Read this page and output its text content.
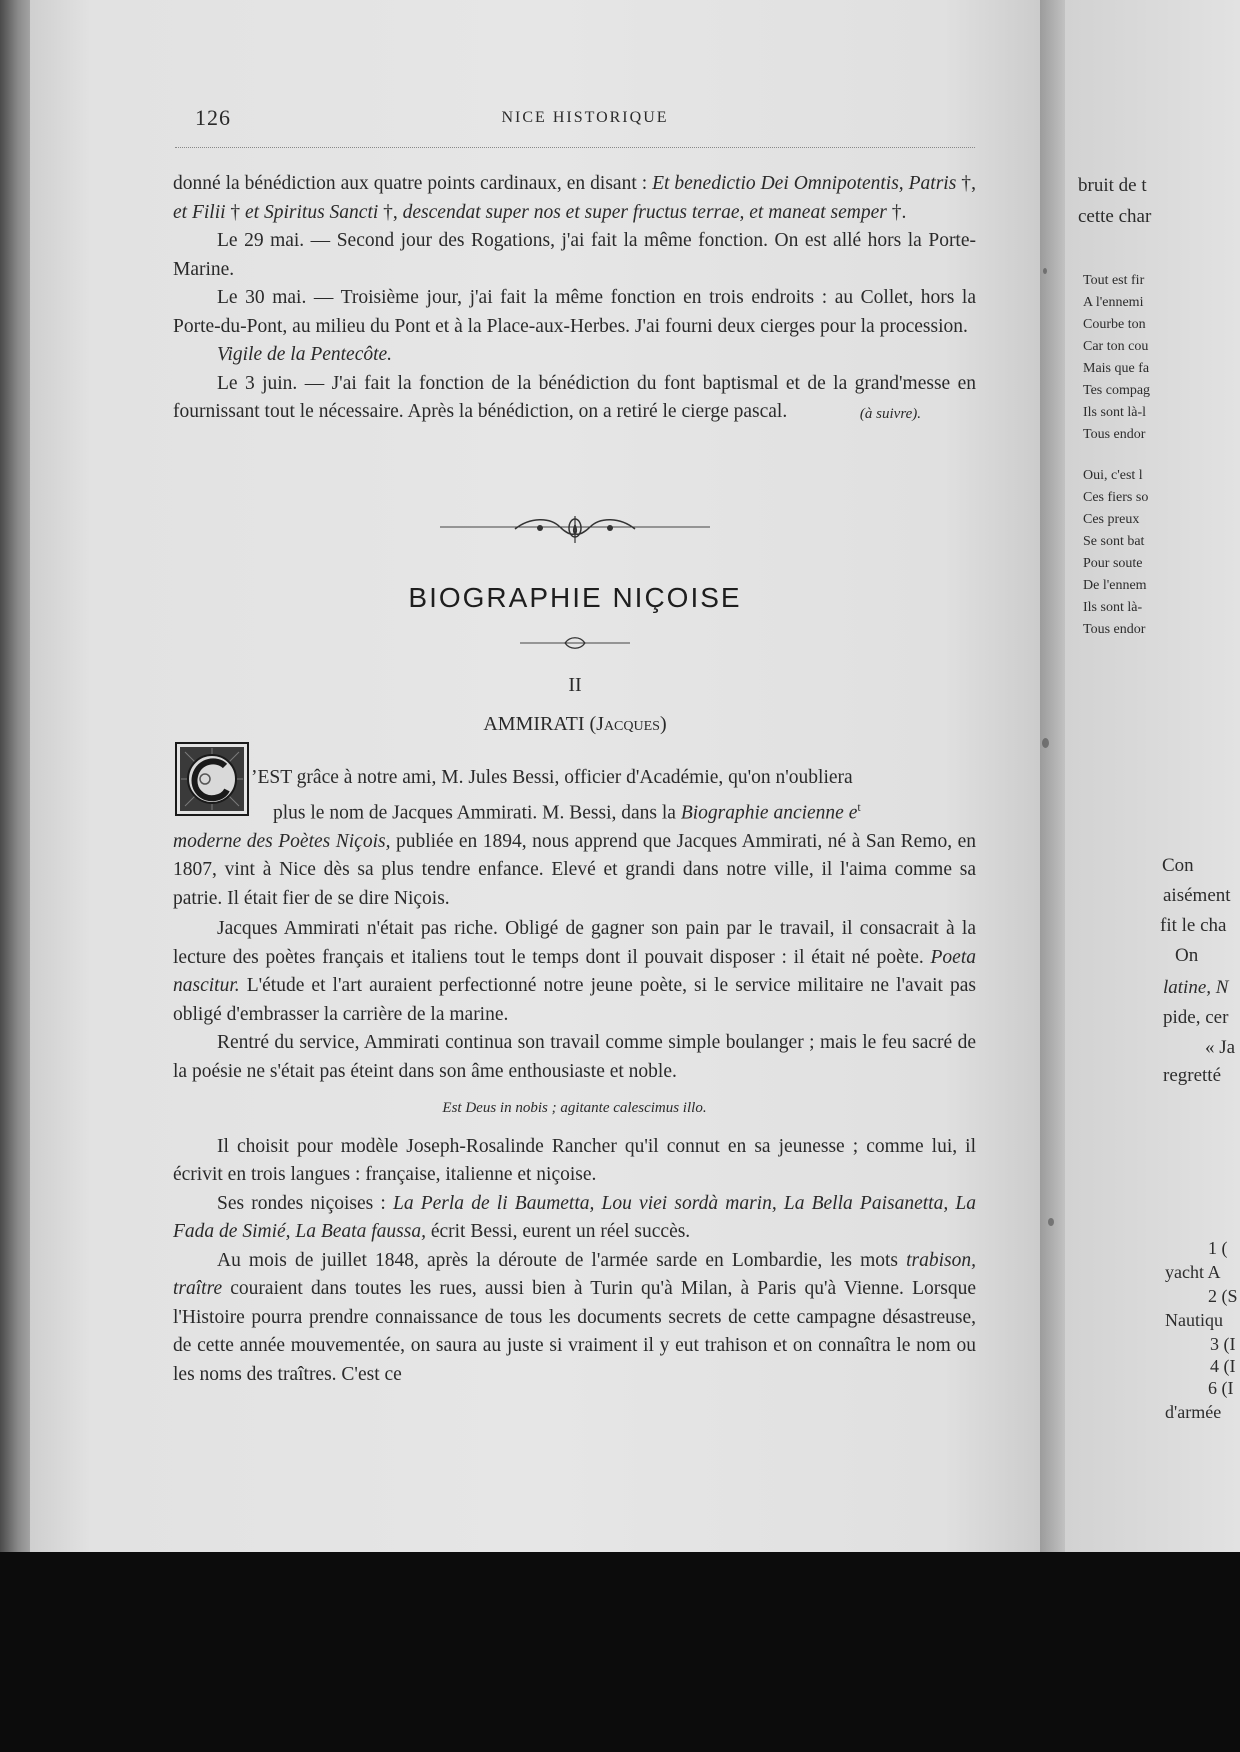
126	NICE HISTORIQUE

donné la bénédiction aux quatre points cardinaux, en disant : Et benedictio Dei Omnipotentis, Patris †, et Filii † et Spiritus Sancti †, descendat super nos et super fructus terrae, et maneat semper †.

Le 29 mai. — Second jour des Rogations, j'ai fait la même fonction. On est allé hors la Porte-Marine.

Le 30 mai. — Troisième jour, j'ai fait la même fonction en trois endroits : au Collet, hors la Porte-du-Pont, au milieu du Pont et à la Place-aux-Herbes. J'ai fourni deux cierges pour la procession.

Vigile de la Pentecôte.

Le 3 juin. — J'ai fait la fonction de la bénédiction du font baptismal et de la grand'messe en fournissant tout le nécessaire. Après la bénédiction, on a retiré le cierge pascal.	(à suivre).

BIOGRAPHIE NIÇOISE
II
AMMIRATI (JACQUES)

’EST grâce à notre ami, M. Jules Bessi, officier d'Académie, qu'on n'oubliera

plus le nom de Jacques Ammirati. M. Bessi, dans la Biographie ancienne $e^t$

moderne des Poètes Niçois, publiée en 1894, nous apprend que Jacques Ammirati, né à San Remo, en 1807, vint à Nice dès sa plus tendre enfance. Elevé et grandi dans notre ville, il l'aima comme sa patrie. Il était fier de se dire Niçois.

Jacques Ammirati n'était pas riche. Obligé de gagner son pain par le travail, il consacrait à la lecture des poètes français et italiens tout le temps dont il pouvait disposer : il était né poète. Poeta nascitur. L'étude et l'art auraient perfectionné notre jeune poète, si le service militaire ne l'avait pas obligé d'embrasser la carrière de la marine.

Rentré du service, Ammirati continua son travail comme simple boulanger ; mais le feu sacré de la poésie ne s'était pas éteint dans son âme enthousiaste et noble.

Est Deus in nobis ; agitante calescimus illo.

Il choisit pour modèle Joseph-Rosalinde Rancher qu'il connut en sa jeunesse ; comme lui, il écrivit en trois langues : française, italienne et niçoise.

Ses rondes niçoises : La Perla de li Baumetta, Lou viei sordà marin, La Bella Paisanetta, La Fada de Simié, La Beata faussa, écrit Bessi, eurent un réel succès.

Au mois de juillet 1848, après la déroute de l'armée sarde en Lombardie, les mots trabison, traître couraient dans toutes les rues, aussi bien à Turin qu'à Milan, à Paris qu'à Vienne. Lorsque l'Histoire pourra prendre connaissance de tous les documents secrets de cette campagne désastreuse, de cette année mouvementée, on saura au juste si vraiment il y eut trahison et on connaîtra le nom ou les noms des traîtres. C'est ce

bruit de t
cette char
Tout est fir
A l'ennemi
Courbe ton
Car ton cou
Mais que fa
Tes compag
Ils sont là-l
Tous endor
Oui, c'est l
Ces fiers so
Ces preux
Se sont bat
Pour soute
De l'ennem
Ils sont là-
Tous endor
Con
aisément
fit le cha
On
latine, N
pide, cer
« Ja
regretté
1 (
yacht A
2 (S
Nautiqu
3 (I
4 (I
6 (I
d'armée
